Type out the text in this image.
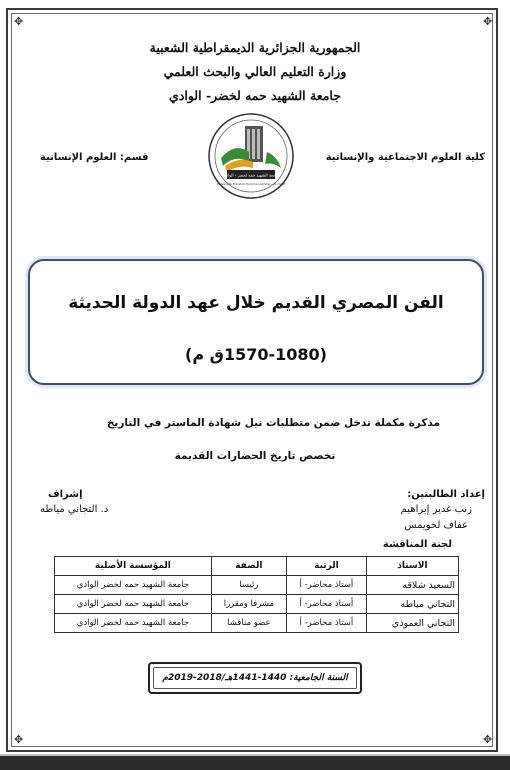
✥	✥
✥	✥
الجمهورية الجزائرية الديمقراطية الشعبية
وزارة التعليم العالي والبحث العلمي
جامعة الشهيد حمه لخضر- الوادي
كلية العلوم الاجتماعية والإنسانية
قسم: العلوم الإنسانية
جامعة الشهيد حمه لخضر - الوادي
Université Echahid Hamma Lakhdar - El-Oued
الفن المصري القديم خلال عهد الدولة الحديثة
(1570-1080ق م)
مذكرة مكملة تدخل ضمن متطلبات نيل شهادة الماستر في التاريخ
تخصص تاريخ الحضارات القديمة
إعداد الطالبتين:
زنب غدير إبراهيم
عفاف لخويمس
إشراف
د. التجاني مياطه
لجنة المناقشة
الاستاذ	الرتبة	الصفة	المؤسسة الأصلية
السعيد شلاقه	أستاذ محاضر- أ	رئيسا	جامعة الشهيد حمه لخضر الوادي
التجاني مياطه	أستاذ محاضر- أ	مشرفا ومقررا	جامعة الشهيد حمه لخضر الوادي
التجاني العمودي	أستاذ محاضر- أ	عضو مناقشا	جامعة الشهيد حمه لخضر الوادي
السنة الجامعية: 1440-1441هـ/2018-2019م
